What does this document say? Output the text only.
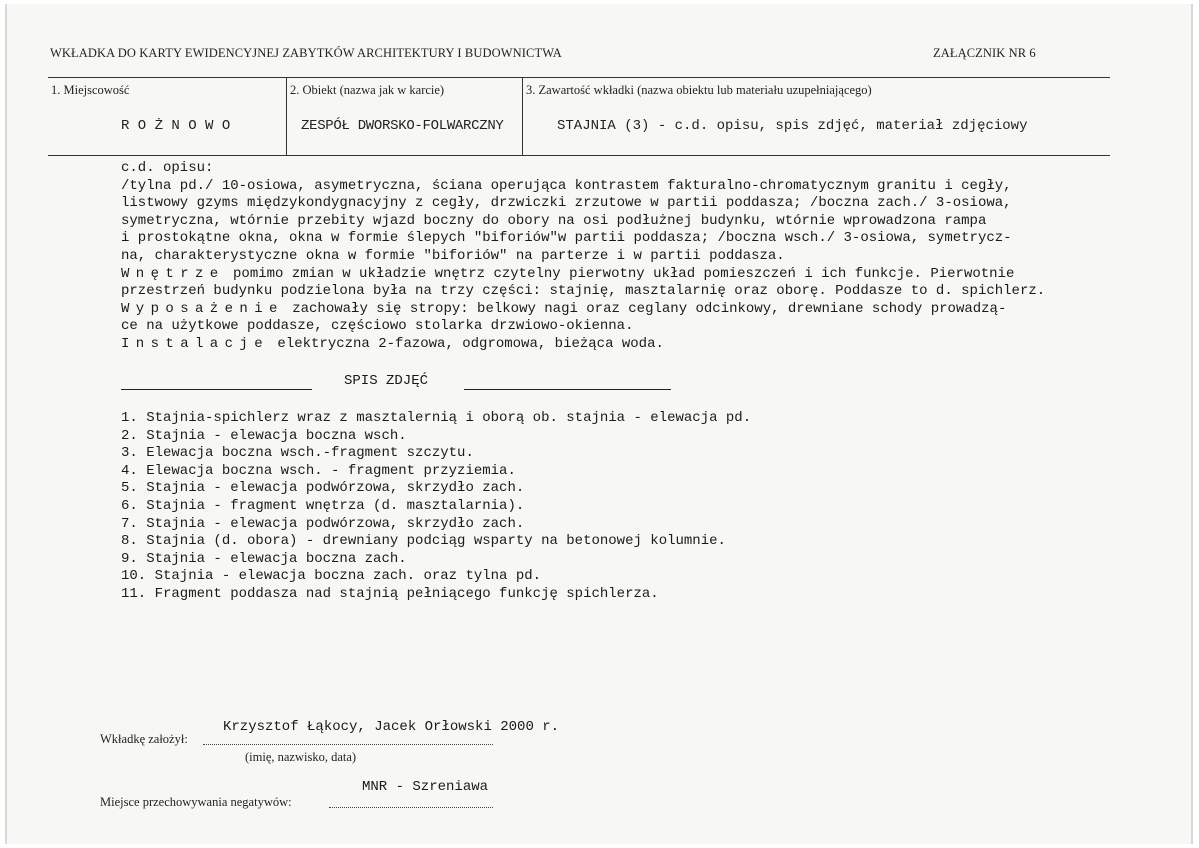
WKŁADKA DO KARTY EWIDENCYJNEJ ZABYTKÓW ARCHITEKTURY I BUDOWNICTWA	ZAŁĄCZNIK NR 6
1. Miejscowość
R O Ż N O W O
2. Obiekt (nazwa jak w karcie)
ZESPÓŁ DWORSKO-FOLWARCZNY
3. Zawartość wkładki (nazwa obiektu lub materiału uzupełniającego)
STAJNIA (3) - c.d. opisu, spis zdjęć, materiał zdjęciowy
c.d. opisu:
/tylna pd./ 10-osiowa, asymetryczna, ściana operująca kontrastem fakturalno-chromatycznym granitu i cegły,
listwowy gzyms międzykondygnacyjny z cegły, drzwiczki zrzutowe w partii poddasza; /boczna zach./ 3-osiowa,
symetryczna, wtórnie przebity wjazd boczny do obory na osi podłużnej budynku, wtórnie wprowadzona rampa
i prostokątne okna, okna w formie ślepych "biforiów"w partii poddasza; /boczna wsch./ 3-osiowa, symetrycz-
na, charakterystyczne okna w formie "biforiów" na parterze i w partii poddasza.
Wnętrze pomimo zmian w układzie wnętrz czytelny pierwotny układ pomieszczeń i ich funkcje. Pierwotnie
przestrzeń budynku podzielona była na trzy części: stajnię, masztalarnię oraz oborę. Poddasze to d. spichlerz.
Wyposażenie zachowały się stropy: belkowy nagi oraz ceglany odcinkowy, drewniane schody prowadzą-
ce na użytkowe poddasze, częściowo stolarka drzwiowo-okienna.
Instalacje elektryczna 2-fazowa, odgromowa, bieżąca woda.
SPIS ZDJĘĆ
1. Stajnia-spichlerz wraz z masztalernią i oborą ob. stajnia - elewacja pd.
2. Stajnia - elewacja boczna wsch.
3. Elewacja boczna wsch.-fragment szczytu.
4. Elewacja boczna wsch. - fragment przyziemia.
5. Stajnia - elewacja podwórzowa, skrzydło zach.
6. Stajnia - fragment wnętrza (d. masztalarnia).
7. Stajnia - elewacja podwórzowa, skrzydło zach.
8. Stajnia (d. obora) - drewniany podciąg wsparty na betonowej kolumnie.
9. Stajnia - elewacja boczna zach.
10. Stajnia - elewacja boczna zach. oraz tylna pd.
11. Fragment poddasza nad stajnią pełniącego funkcję spichlerza.
Krzysztof Łąkocy, Jacek Orłowski 2000 r.
Wkładkę założył:
(imię, nazwisko, data)
MNR - Szreniawa
Miejsce przechowywania negatywów:
